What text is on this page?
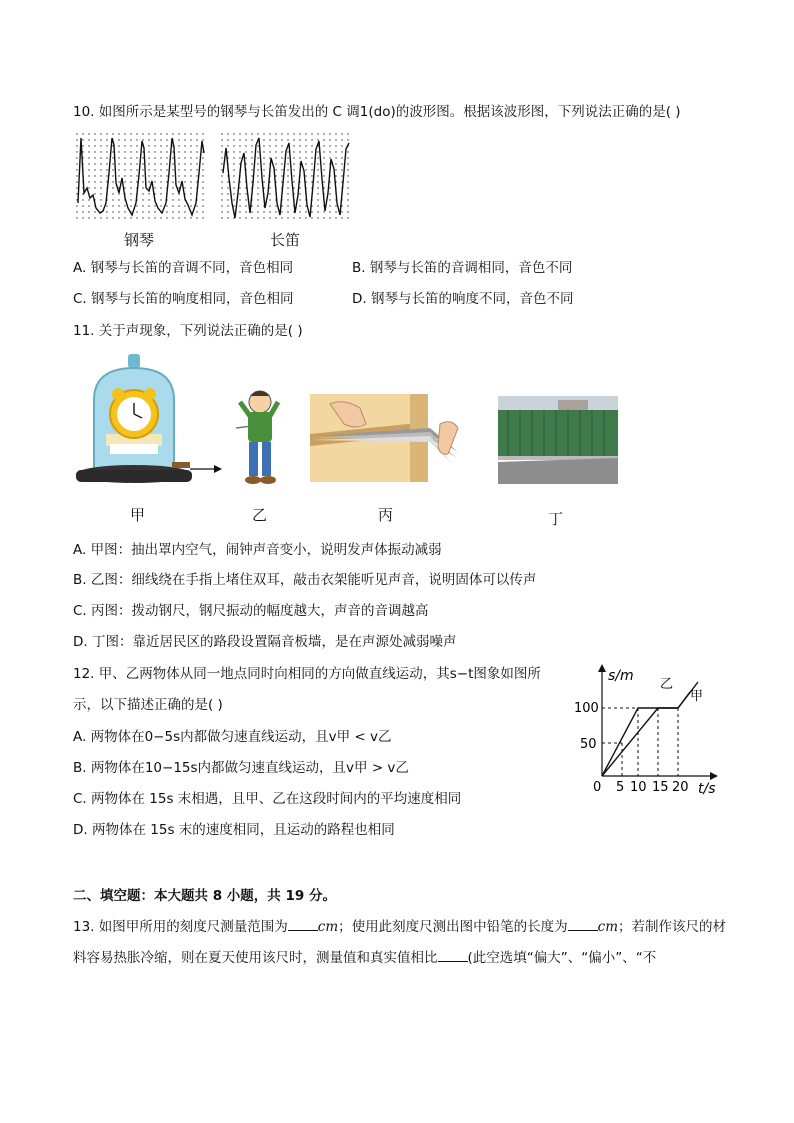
10. 如图所示是某型号的钢琴与长笛发出的 C 调1(do)的波形图。根据该波形图，下列说法正确的是( )
钢琴	长笛
A. 钢琴与长笛的音调不同，音色相同	B. 钢琴与长笛的音调相同，音色不同
C. 钢琴与长笛的响度相同，音色相同	D. 钢琴与长笛的响度不同，音色不同
11. 关于声现象，下列说法正确的是( )
甲	乙	丙	丁
A. 甲图：抽出罩内空气，闹钟声音变小，说明发声体振动减弱
B. 乙图：细线绕在手指上堵住双耳，敲击衣架能听见声音，说明固体可以传声
C. 丙图：拨动钢尺，钢尺振动的幅度越大，声音的音调越高
D. 丁图：靠近居民区的路段设置隔音板墙，是在声源处减弱噪声
12. 甲、乙两物体从同一地点同时向相同的方向做直线运动，其s−t图象如图所
示，以下描述正确的是( )
A. 两物体在0−5s内都做匀速直线运动，且v甲 < v乙
B. 两物体在10−15s内都做匀速直线运动，且v甲 > v乙
C. 两物体在 15s 末相遇，且甲、乙在这段时间内的平均速度相同
D. 两物体在 15s 末的速度相同，且运动的路程也相同
s/m
t/s
100
50
0 5 10 15 20
乙
甲
二、填空题：本大题共 8 小题，共 19 分。
13. 如图甲所用的刻度尺测量范围为 cm；使用此刻度尺测出图中铅笔的长度为 cm；若制作该尺的材
料容易热胀冷缩，则在夏天使用该尺时，测量值和真实值相比 (此空选填“偏大”、“偏小”、“不
